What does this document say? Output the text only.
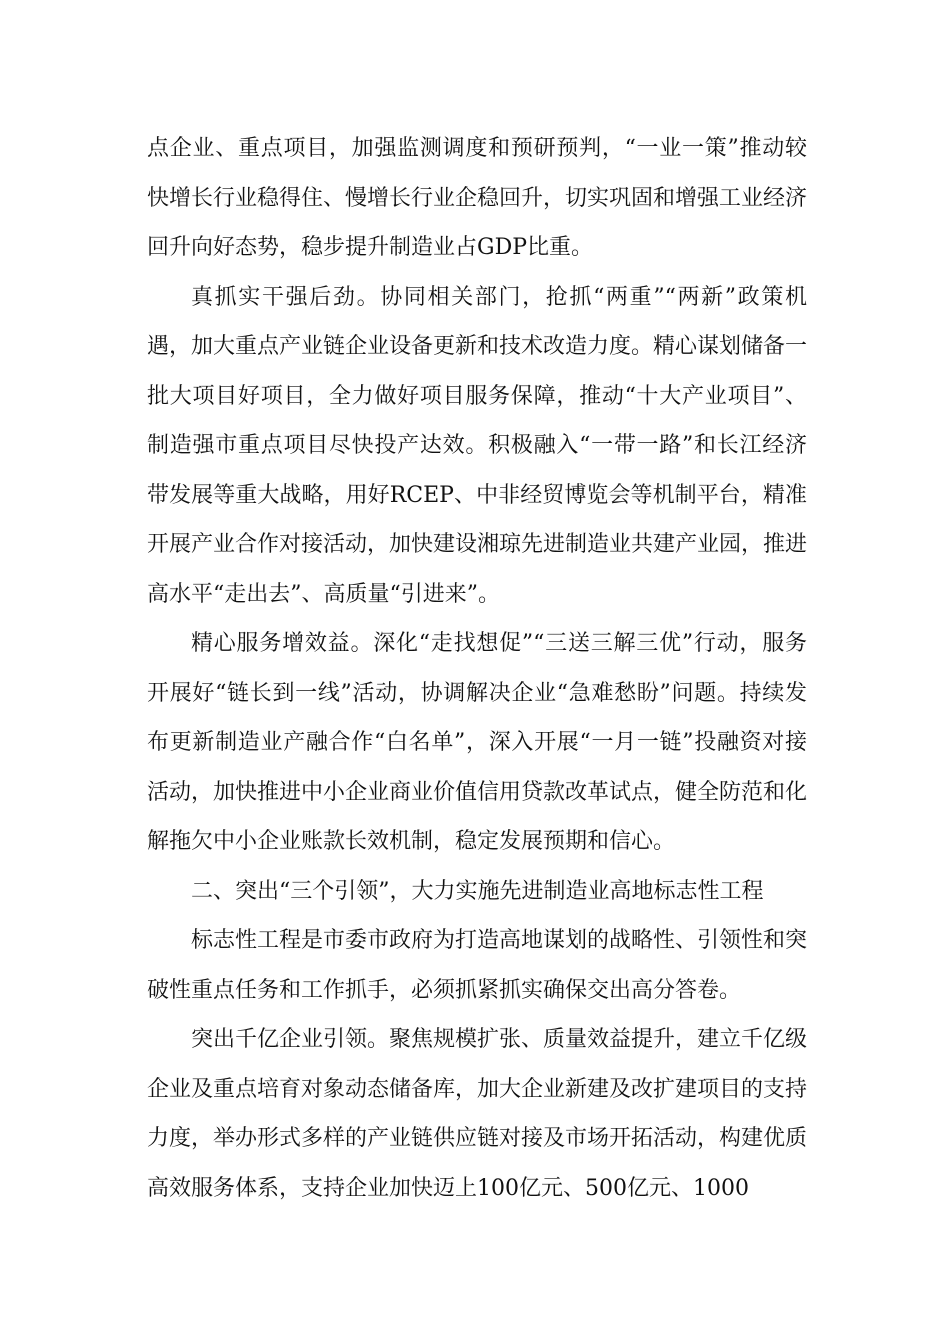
点企业、重点项目，加强监测调度和预研预判，“一业一策”推动较快增长行业稳得住、慢增长行业企稳回升，切实巩固和增强工业经济回升向好态势，稳步提升制造业占GDP比重。

真抓实干强后劲。协同相关部门，抢抓“两重”“两新”政策机遇，加大重点产业链企业设备更新和技术改造力度。精心谋划储备一批大项目好项目，全力做好项目服务保障，推动“十大产业项目”、制造强市重点项目尽快投产达效。积极融入“一带一路”和长江经济带发展等重大战略，用好RCEP、中非经贸博览会等机制平台，精准开展产业合作对接活动，加快建设湘琼先进制造业共建产业园，推进高水平“走出去”、高质量“引进来”。

精心服务增效益。深化“走找想促”“三送三解三优”行动，服务开展好“链长到一线”活动，协调解决企业“急难愁盼”问题。持续发布更新制造业产融合作“白名单”，深入开展“一月一链”投融资对接活动，加快推进中小企业商业价值信用贷款改革试点，健全防范和化解拖欠中小企业账款长效机制，稳定发展预期和信心。

二、突出“三个引领”，大力实施先进制造业高地标志性工程

标志性工程是市委市政府为打造高地谋划的战略性、引领性和突破性重点任务和工作抓手，必须抓紧抓实确保交出高分答卷。

突出千亿企业引领。聚焦规模扩张、质量效益提升，建立千亿级企业及重点培育对象动态储备库，加大企业新建及改扩建项目的支持力度，举办形式多样的产业链供应链对接及市场开拓活动，构建优质高效服务体系，支持企业加快迈上100亿元、500亿元、1000
